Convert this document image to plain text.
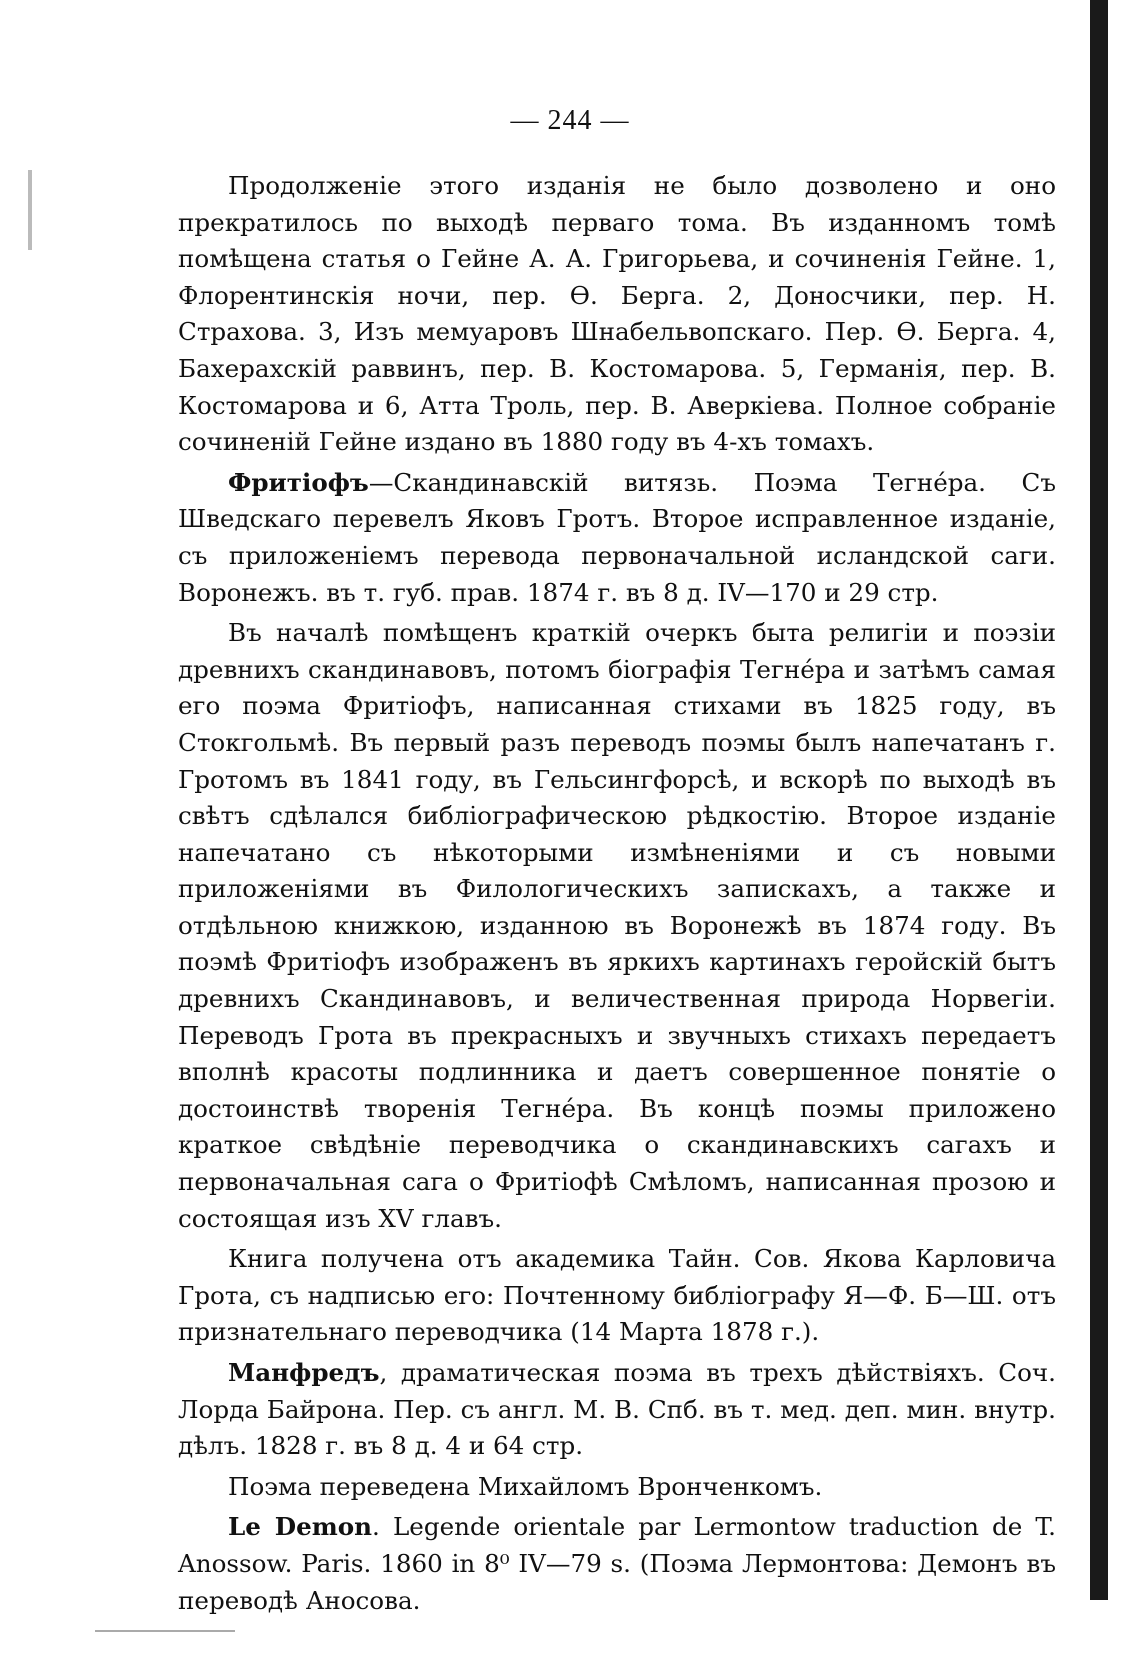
— 244 —

Продолженіе этого изданія не было дозволено и оно прекратилось по выходѣ перваго тома. Въ изданномъ томѣ помѣщена статья о Гейне А. А. Григорьева, и сочиненія Гейне. 1, Флорентинскія ночи, пер. Ѳ. Берга. 2, Доносчики, пер. Н. Страхова. 3, Изъ мемуаровъ Шнабельвопскаго. Пер. Ѳ. Берга. 4, Бахерахскій раввинъ, пер. В. Костомарова. 5, Германія, пер. В. Костомарова и 6, Атта Троль, пер. В. Аверкіева. Полное собраніе сочиненій Гейне издано въ 1880 году въ 4-хъ томахъ.

Фритіофъ—Скандинавскій витязь. Поэма Тегнéра. Съ Шведскаго перевелъ Яковъ Гротъ. Второе исправленное изданіе, съ приложеніемъ перевода первоначальной исландской саги. Воронежъ. въ т. губ. прав. 1874 г. въ 8 д. IV—170 и 29 стр.

Въ началѣ помѣщенъ краткій очеркъ быта религіи и поэзіи древнихъ скандинавовъ, потомъ біографія Тегнéра и затѣмъ самая его поэма Фритіофъ, написанная стихами въ 1825 году, въ Стокгольмѣ. Въ первый разъ переводъ поэмы былъ напечатанъ г. Гротомъ въ 1841 году, въ Гельсингфорсѣ, и вскорѣ по выходѣ въ свѣтъ сдѣлался библіографическою рѣдкостію. Второе изданіе напечатано съ нѣкоторыми измѣненіями и съ новыми приложеніями въ Филологическихъ запискахъ, а также и отдѣльною книжкою, изданною въ Воронежѣ въ 1874 году. Въ поэмѣ Фритіофъ изображенъ въ яркихъ картинахъ геройскій бытъ древнихъ Скандинавовъ, и величественная природа Норвегіи. Переводъ Грота въ прекрасныхъ и звучныхъ стихахъ передаетъ вполнѣ красоты подлинника и даетъ совершенное понятіе о достоинствѣ творенія Тегнéра. Въ концѣ поэмы приложено краткое свѣдѣніе переводчика о скандинавскихъ сагахъ и первоначальная сага о Фритіофѣ Смѣломъ, написанная прозою и состоящая изъ XV главъ.

Книга получена отъ академика Тайн. Сов. Якова Карловича Грота, съ надписью его: Почтенному библіографу Я—Ф. Б—Ш. отъ признательнаго переводчика (14 Марта 1878 г.).

Манфредъ, драматическая поэма въ трехъ дѣйствіяхъ. Соч. Лорда Байрона. Пер. съ англ. М. В. Спб. въ т. мед. деп. мин. внутр. дѣлъ. 1828 г. въ 8 д. 4 и 64 стр.

Поэма переведена Михайломъ Вронченкомъ.

Le Demon. Legende orientale par Lermontow traduction de T. Anossow. Paris. 1860 in 8⁰ IV—79 s. (Поэма Лермонтова: Демонъ въ переводѣ Аносова.
